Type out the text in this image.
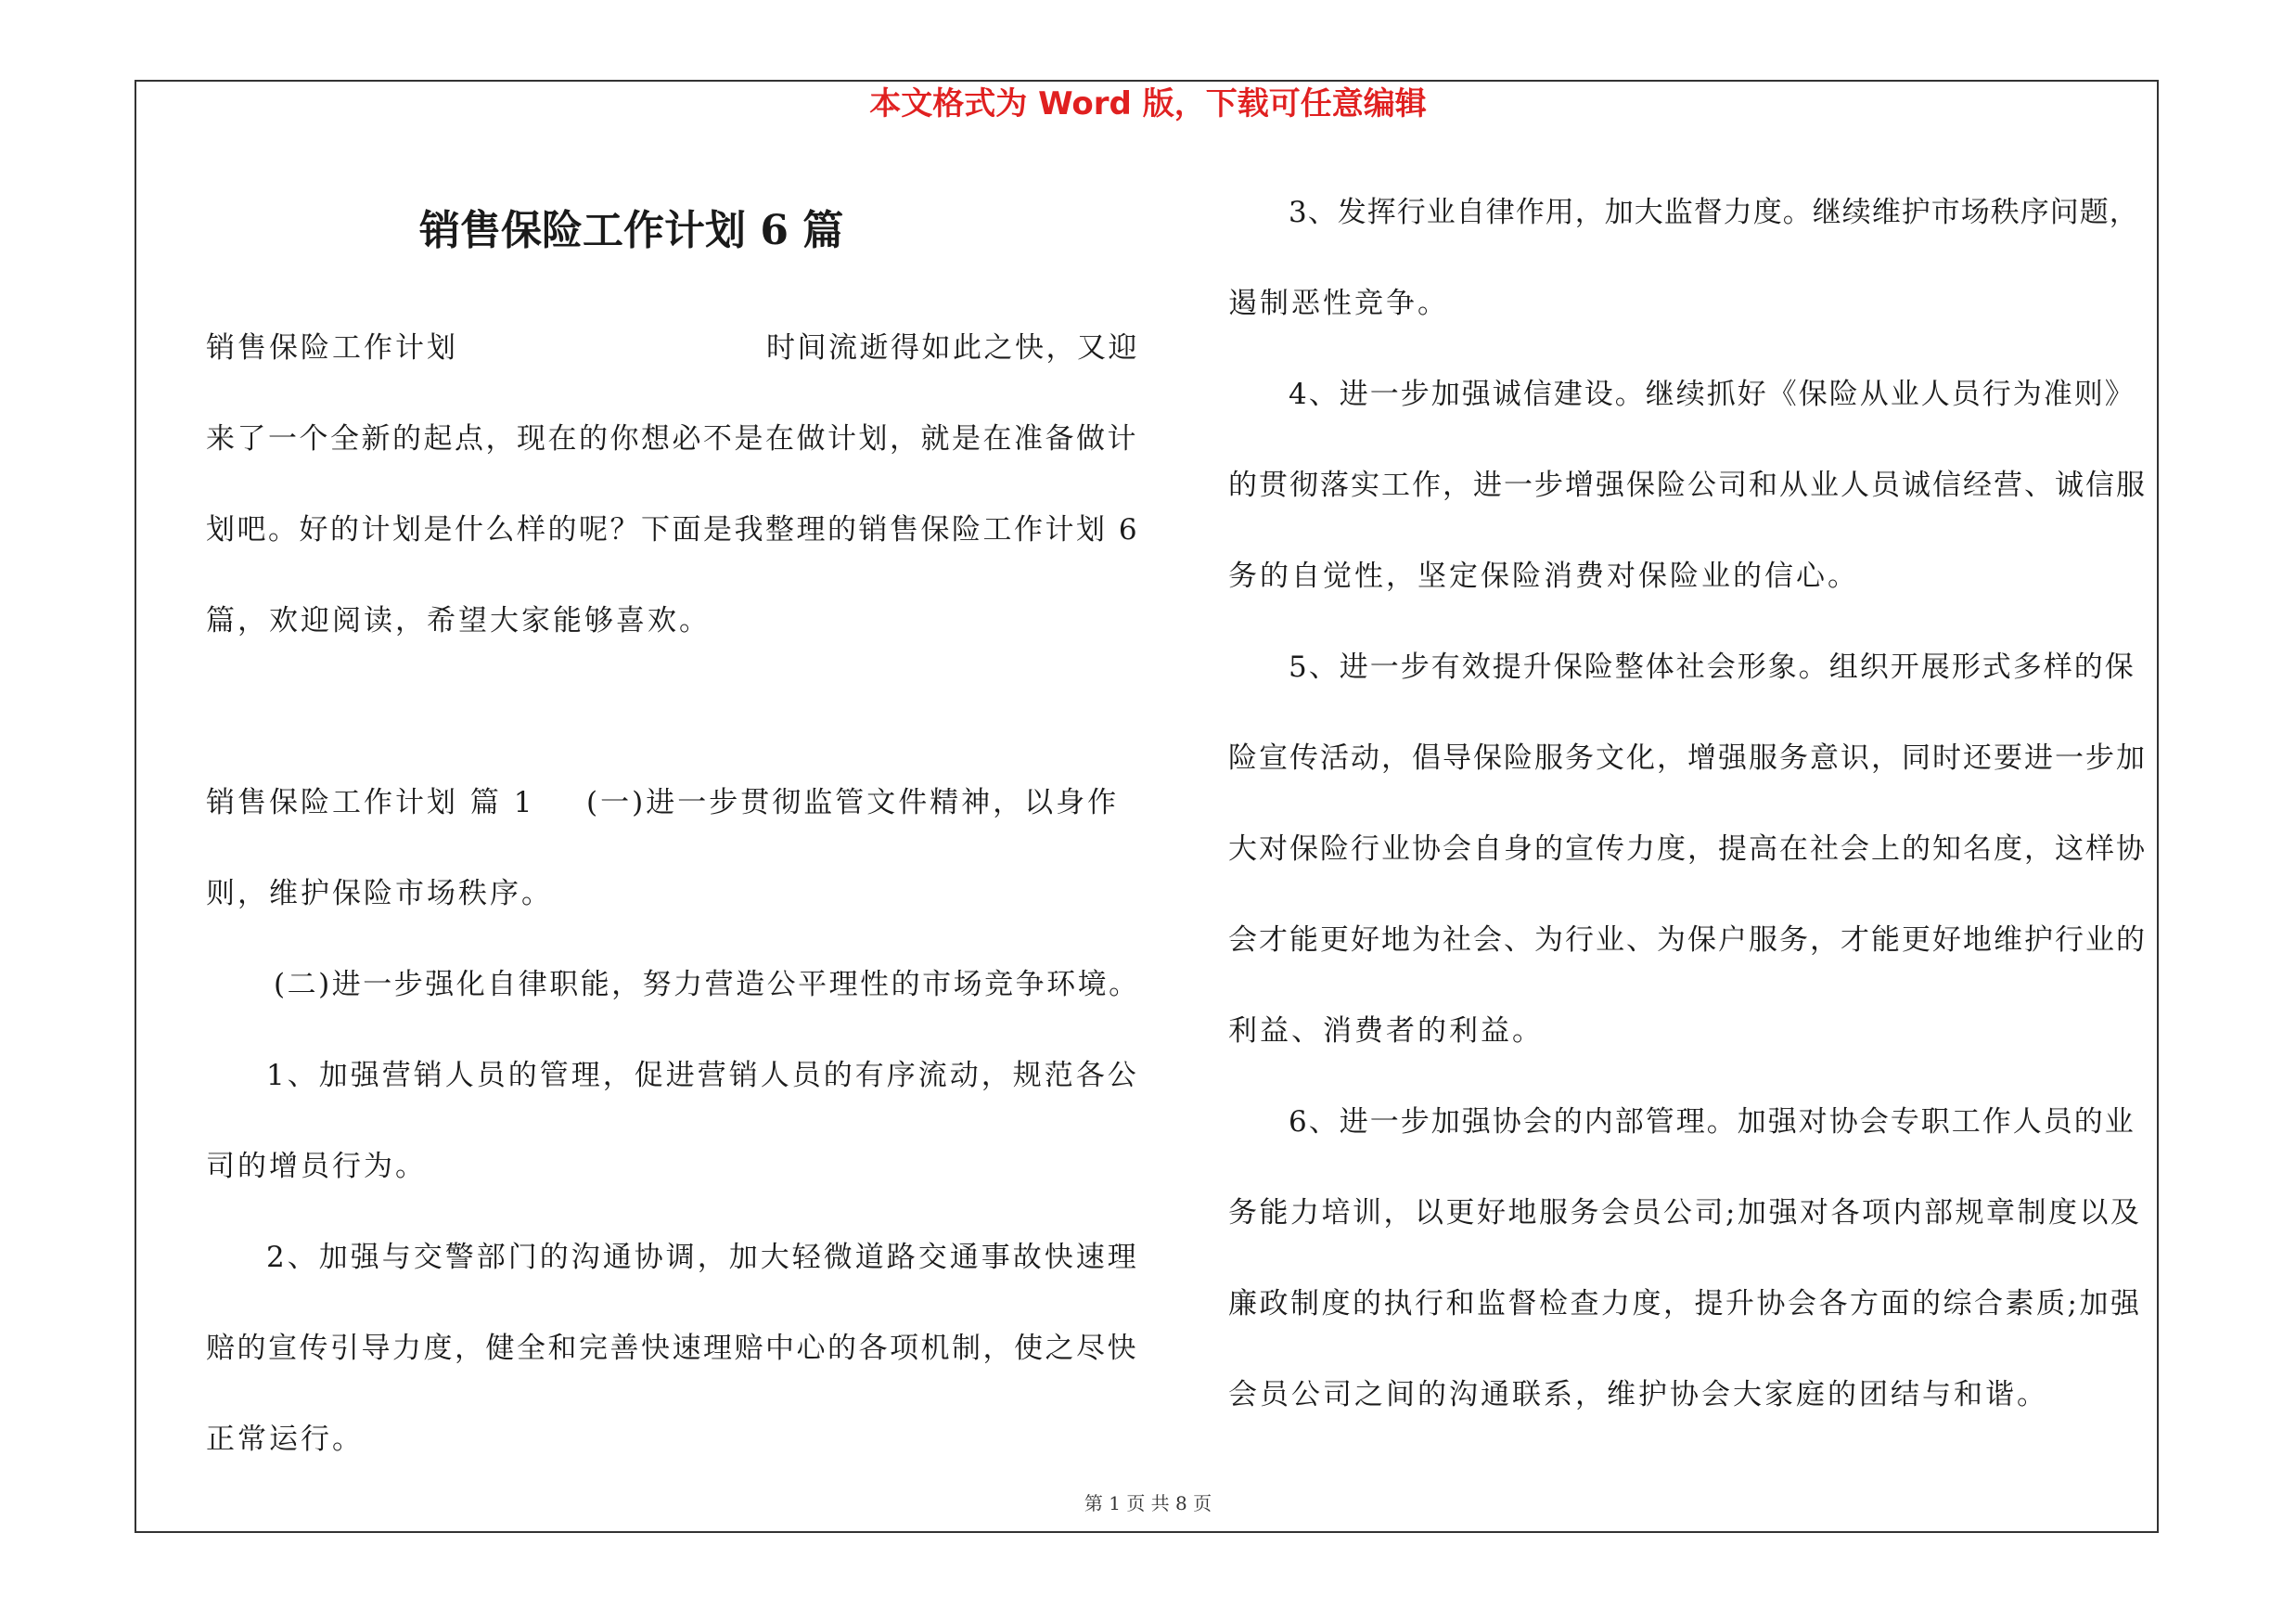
本文格式为 Word 版，下载可任意编辑
销售保险工作计划 6 篇
销售保险工作计划	时间流逝得如此之快，又迎
来了一个全新的起点，现在的你想必不是在做计划，就是在准备做计
划吧。好的计划是什么样的呢？下面是我整理的销售保险工作计划 6
篇，欢迎阅读，希望大家能够喜欢。
销售保险工作计划 篇 1 (一)进一步贯彻监管文件精神，以身作
则，维护保险市场秩序。
(二)进一步强化自律职能，努力营造公平理性的市场竞争环境。
1、加强营销人员的管理，促进营销人员的有序流动，规范各公
司的增员行为。
2、加强与交警部门的沟通协调，加大轻微道路交通事故快速理
赔的宣传引导力度，健全和完善快速理赔中心的各项机制，使之尽快
正常运行。
3、发挥行业自律作用，加大监督力度。继续维护市场秩序问题，
遏制恶性竞争。
4、进一步加强诚信建设。继续抓好《保险从业人员行为准则》
的贯彻落实工作，进一步增强保险公司和从业人员诚信经营、诚信服
务的自觉性，坚定保险消费对保险业的信心。
5、进一步有效提升保险整体社会形象。组织开展形式多样的保
险宣传活动，倡导保险服务文化，增强服务意识，同时还要进一步加
大对保险行业协会自身的宣传力度，提高在社会上的知名度，这样协
会才能更好地为社会、为行业、为保户服务，才能更好地维护行业的
利益、消费者的利益。
6、进一步加强协会的内部管理。加强对协会专职工作人员的业
务能力培训，以更好地服务会员公司;加强对各项内部规章制度以及
廉政制度的执行和监督检查力度，提升协会各方面的综合素质;加强
会员公司之间的沟通联系，维护协会大家庭的团结与和谐。
第 1 页 共 8 页
